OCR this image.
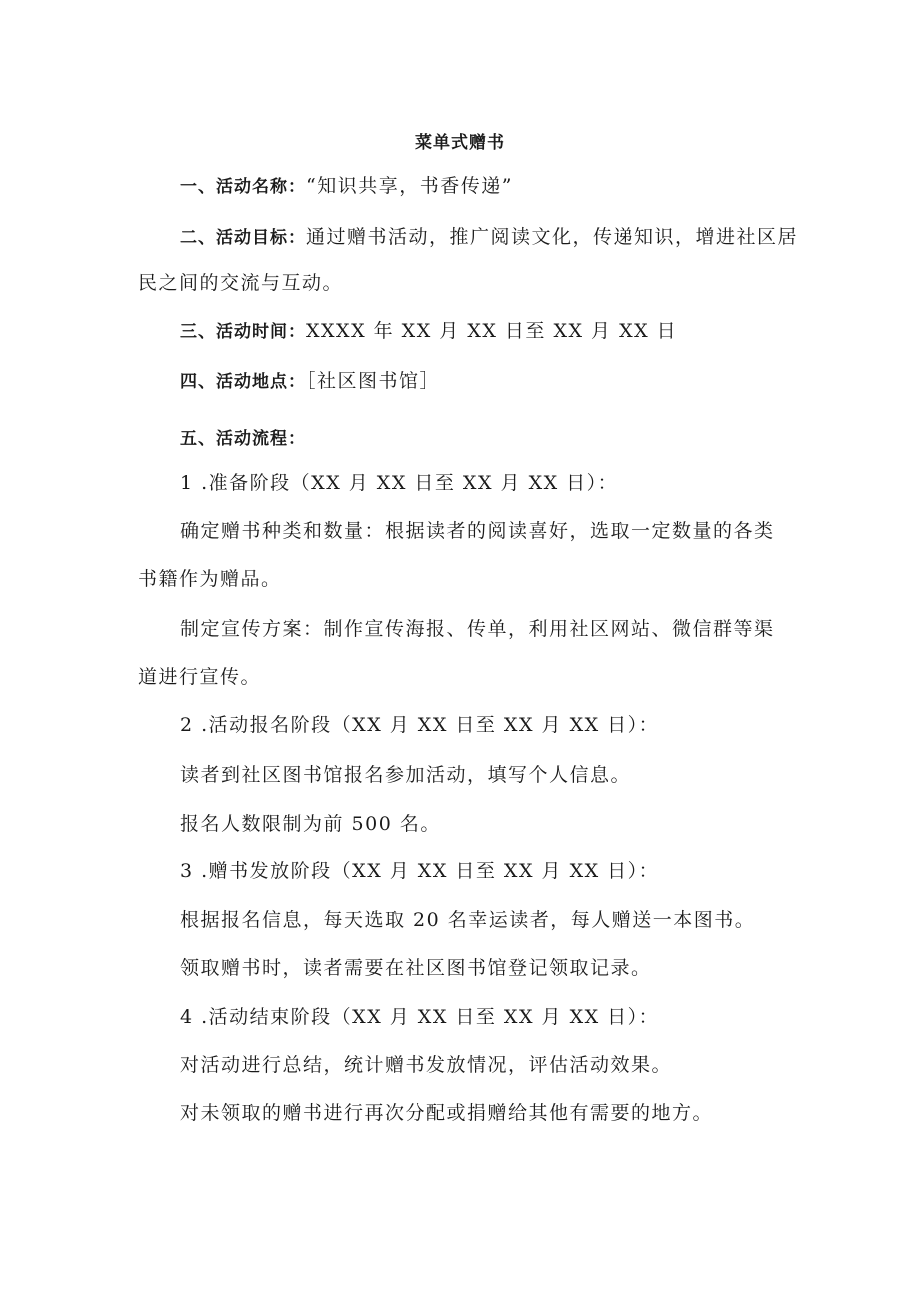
菜单式赠书
一、活动名称：“知识共享，书香传递”
二、活动目标：通过赠书活动，推广阅读文化，传递知识，增进社区居
民之间的交流与互动。
三、活动时间：XXXX 年 XX 月 XX 日至 XX 月 XX 日
四、活动地点：［社区图书馆］
五、活动流程：
1 .准备阶段（XX 月 XX 日至 XX 月 XX 日）：
确定赠书种类和数量：根据读者的阅读喜好，选取一定数量的各类
书籍作为赠品。
制定宣传方案：制作宣传海报、传单，利用社区网站、微信群等渠
道进行宣传。
2 .活动报名阶段（XX 月 XX 日至 XX 月 XX 日）：
读者到社区图书馆报名参加活动，填写个人信息。
报名人数限制为前 500 名。
3 .赠书发放阶段（XX 月 XX 日至 XX 月 XX 日）：
根据报名信息，每天选取 20 名幸运读者，每人赠送一本图书。
领取赠书时，读者需要在社区图书馆登记领取记录。
4 .活动结束阶段（XX 月 XX 日至 XX 月 XX 日）：
对活动进行总结，统计赠书发放情况，评估活动效果。
对未领取的赠书进行再次分配或捐赠给其他有需要的地方。
